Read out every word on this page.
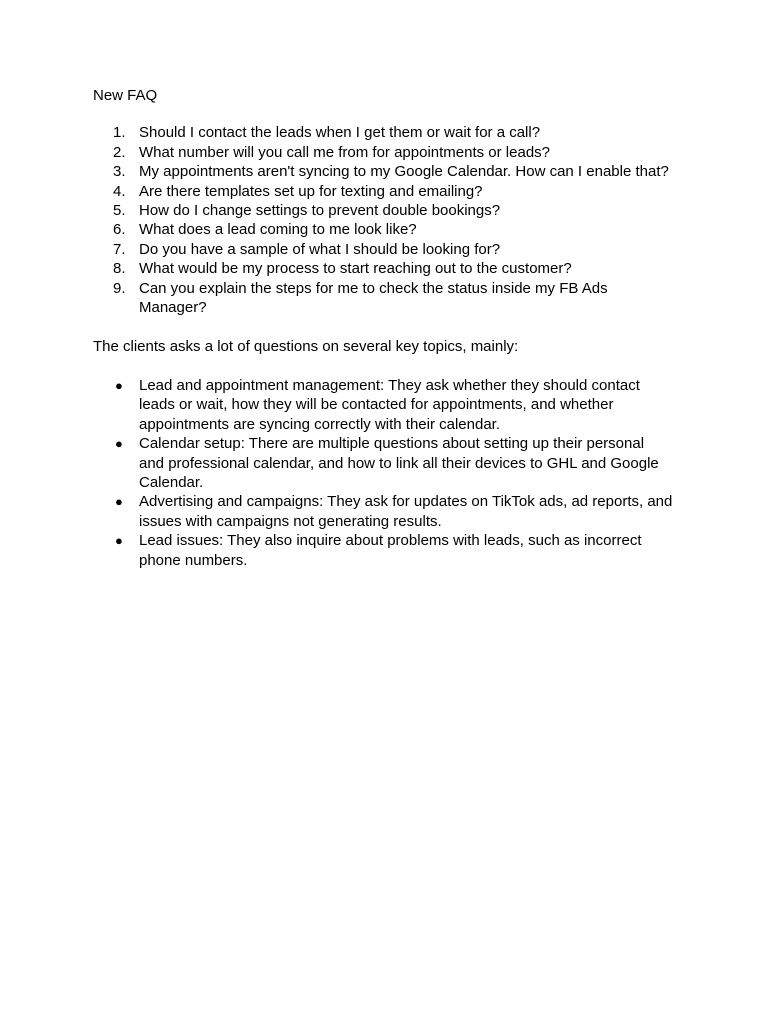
New FAQ
1. Should I contact the leads when I get them or wait for a call?
2. What number will you call me from for appointments or leads?
3. My appointments aren't syncing to my Google Calendar. How can I enable that?
4. Are there templates set up for texting and emailing?
5. How do I change settings to prevent double bookings?
6. What does a lead coming to me look like?
7. Do you have a sample of what I should be looking for?
8. What would be my process to start reaching out to the customer?
9. Can you explain the steps for me to check the status inside my FB Ads Manager?
The clients asks a lot of questions on several key topics, mainly:
● Lead and appointment management: They ask whether they should contact leads or wait, how they will be contacted for appointments, and whether appointments are syncing correctly with their calendar.
● Calendar setup: There are multiple questions about setting up their personal and professional calendar, and how to link all their devices to GHL and Google Calendar.
● Advertising and campaigns: They ask for updates on TikTok ads, ad reports, and issues with campaigns not generating results.
● Lead issues: They also inquire about problems with leads, such as incorrect phone numbers.
